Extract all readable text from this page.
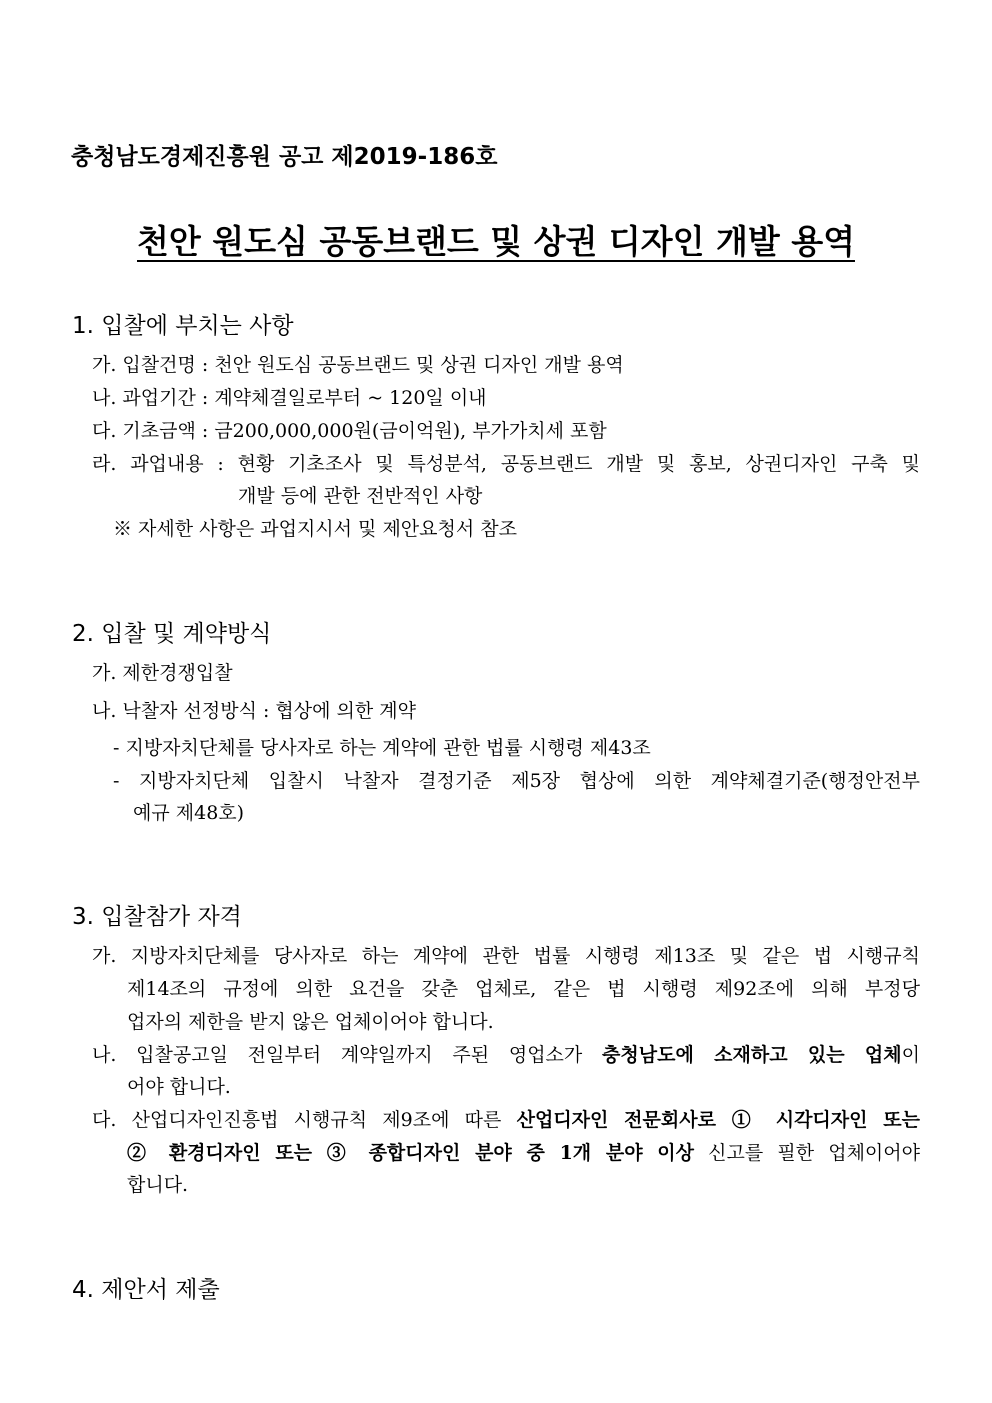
충청남도경제진흥원 공고 제2019-186호
천안 원도심 공동브랜드 및 상권 디자인 개발 용역
1. 입찰에 부치는 사항
가. 입찰건명 : 천안 원도심 공동브랜드 및 상권 디자인 개발 용역
나. 과업기간 : 계약체결일로부터 ~ 120일 이내
다. 기초금액 : 금200,000,000원(금이억원), 부가가치세 포함
라. 과업내용 : 현황 기초조사 및 특성분석, 공동브랜드 개발 및 홍보, 상권디자인 구축 및
개발 등에 관한 전반적인 사항
※ 자세한 사항은 과업지시서 및 제안요청서 참조
2. 입찰 및 계약방식
가. 제한경쟁입찰
나. 낙찰자 선정방식 : 협상에 의한 계약
- 지방자치단체를 당사자로 하는 계약에 관한 법률 시행령 제43조
- 지방자치단체 입찰시 낙찰자 결정기준 제5장 협상에 의한 계약체결기준(행정안전부
예규 제48호)
3. 입찰참가 자격
가. 지방자치단체를 당사자로 하는 계약에 관한 법률 시행령 제13조 및 같은 법 시행규칙
제14조의 규정에 의한 요건을 갖춘 업체로, 같은 법 시행령 제92조에 의해 부정당
업자의 제한을 받지 않은 업체이어야 합니다.
나. 입찰공고일 전일부터 계약일까지 주된 영업소가 충청남도에 소재하고 있는 업체이
어야 합니다.
다. 산업디자인진흥법 시행규칙 제9조에 따른 산업디자인 전문회사로 ① 시각디자인 또는
② 환경디자인 또는 ③ 종합디자인 분야 중 1개 분야 이상 신고를 필한 업체이어야
합니다.
4. 제안서 제출
